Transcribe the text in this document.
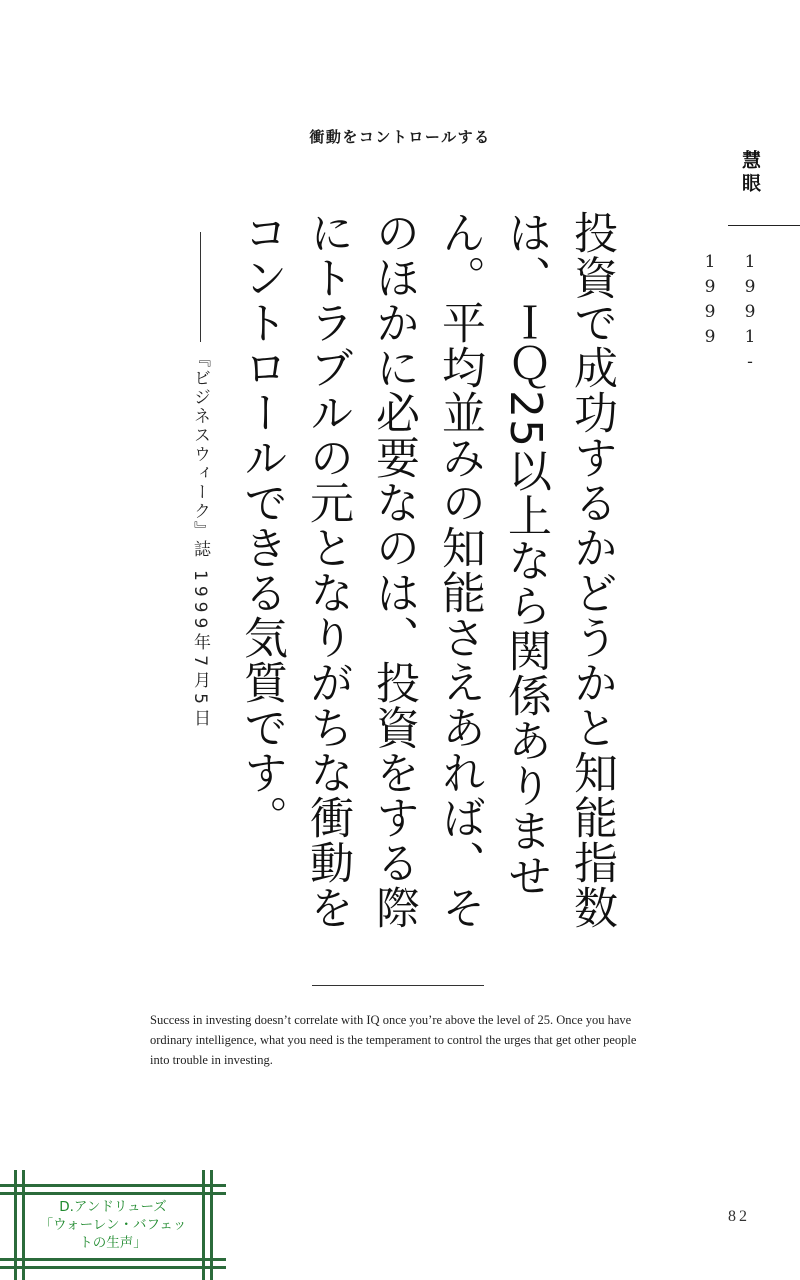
衝動をコントロールする
慧眼
1991-1999
投資で成功するかどうかと知能指数は、ＩＱ25以上なら関係ありません。平均並みの知能さえあれば、そのほかに必要なのは、投資をする際にトラブルの元となりがちな衝動をコントロールできる気質です。
『ビジネスウィーク』誌
1999年7月5日
Success in investing doesn’t correlate with IQ once you’re above the level of 25. Once you have ordinary intelligence, what you need is the temperament to control the urges that get other people into trouble in investing.
82
D.アンドリューズ
「ウォーレン・バフェッ
トの生声」
